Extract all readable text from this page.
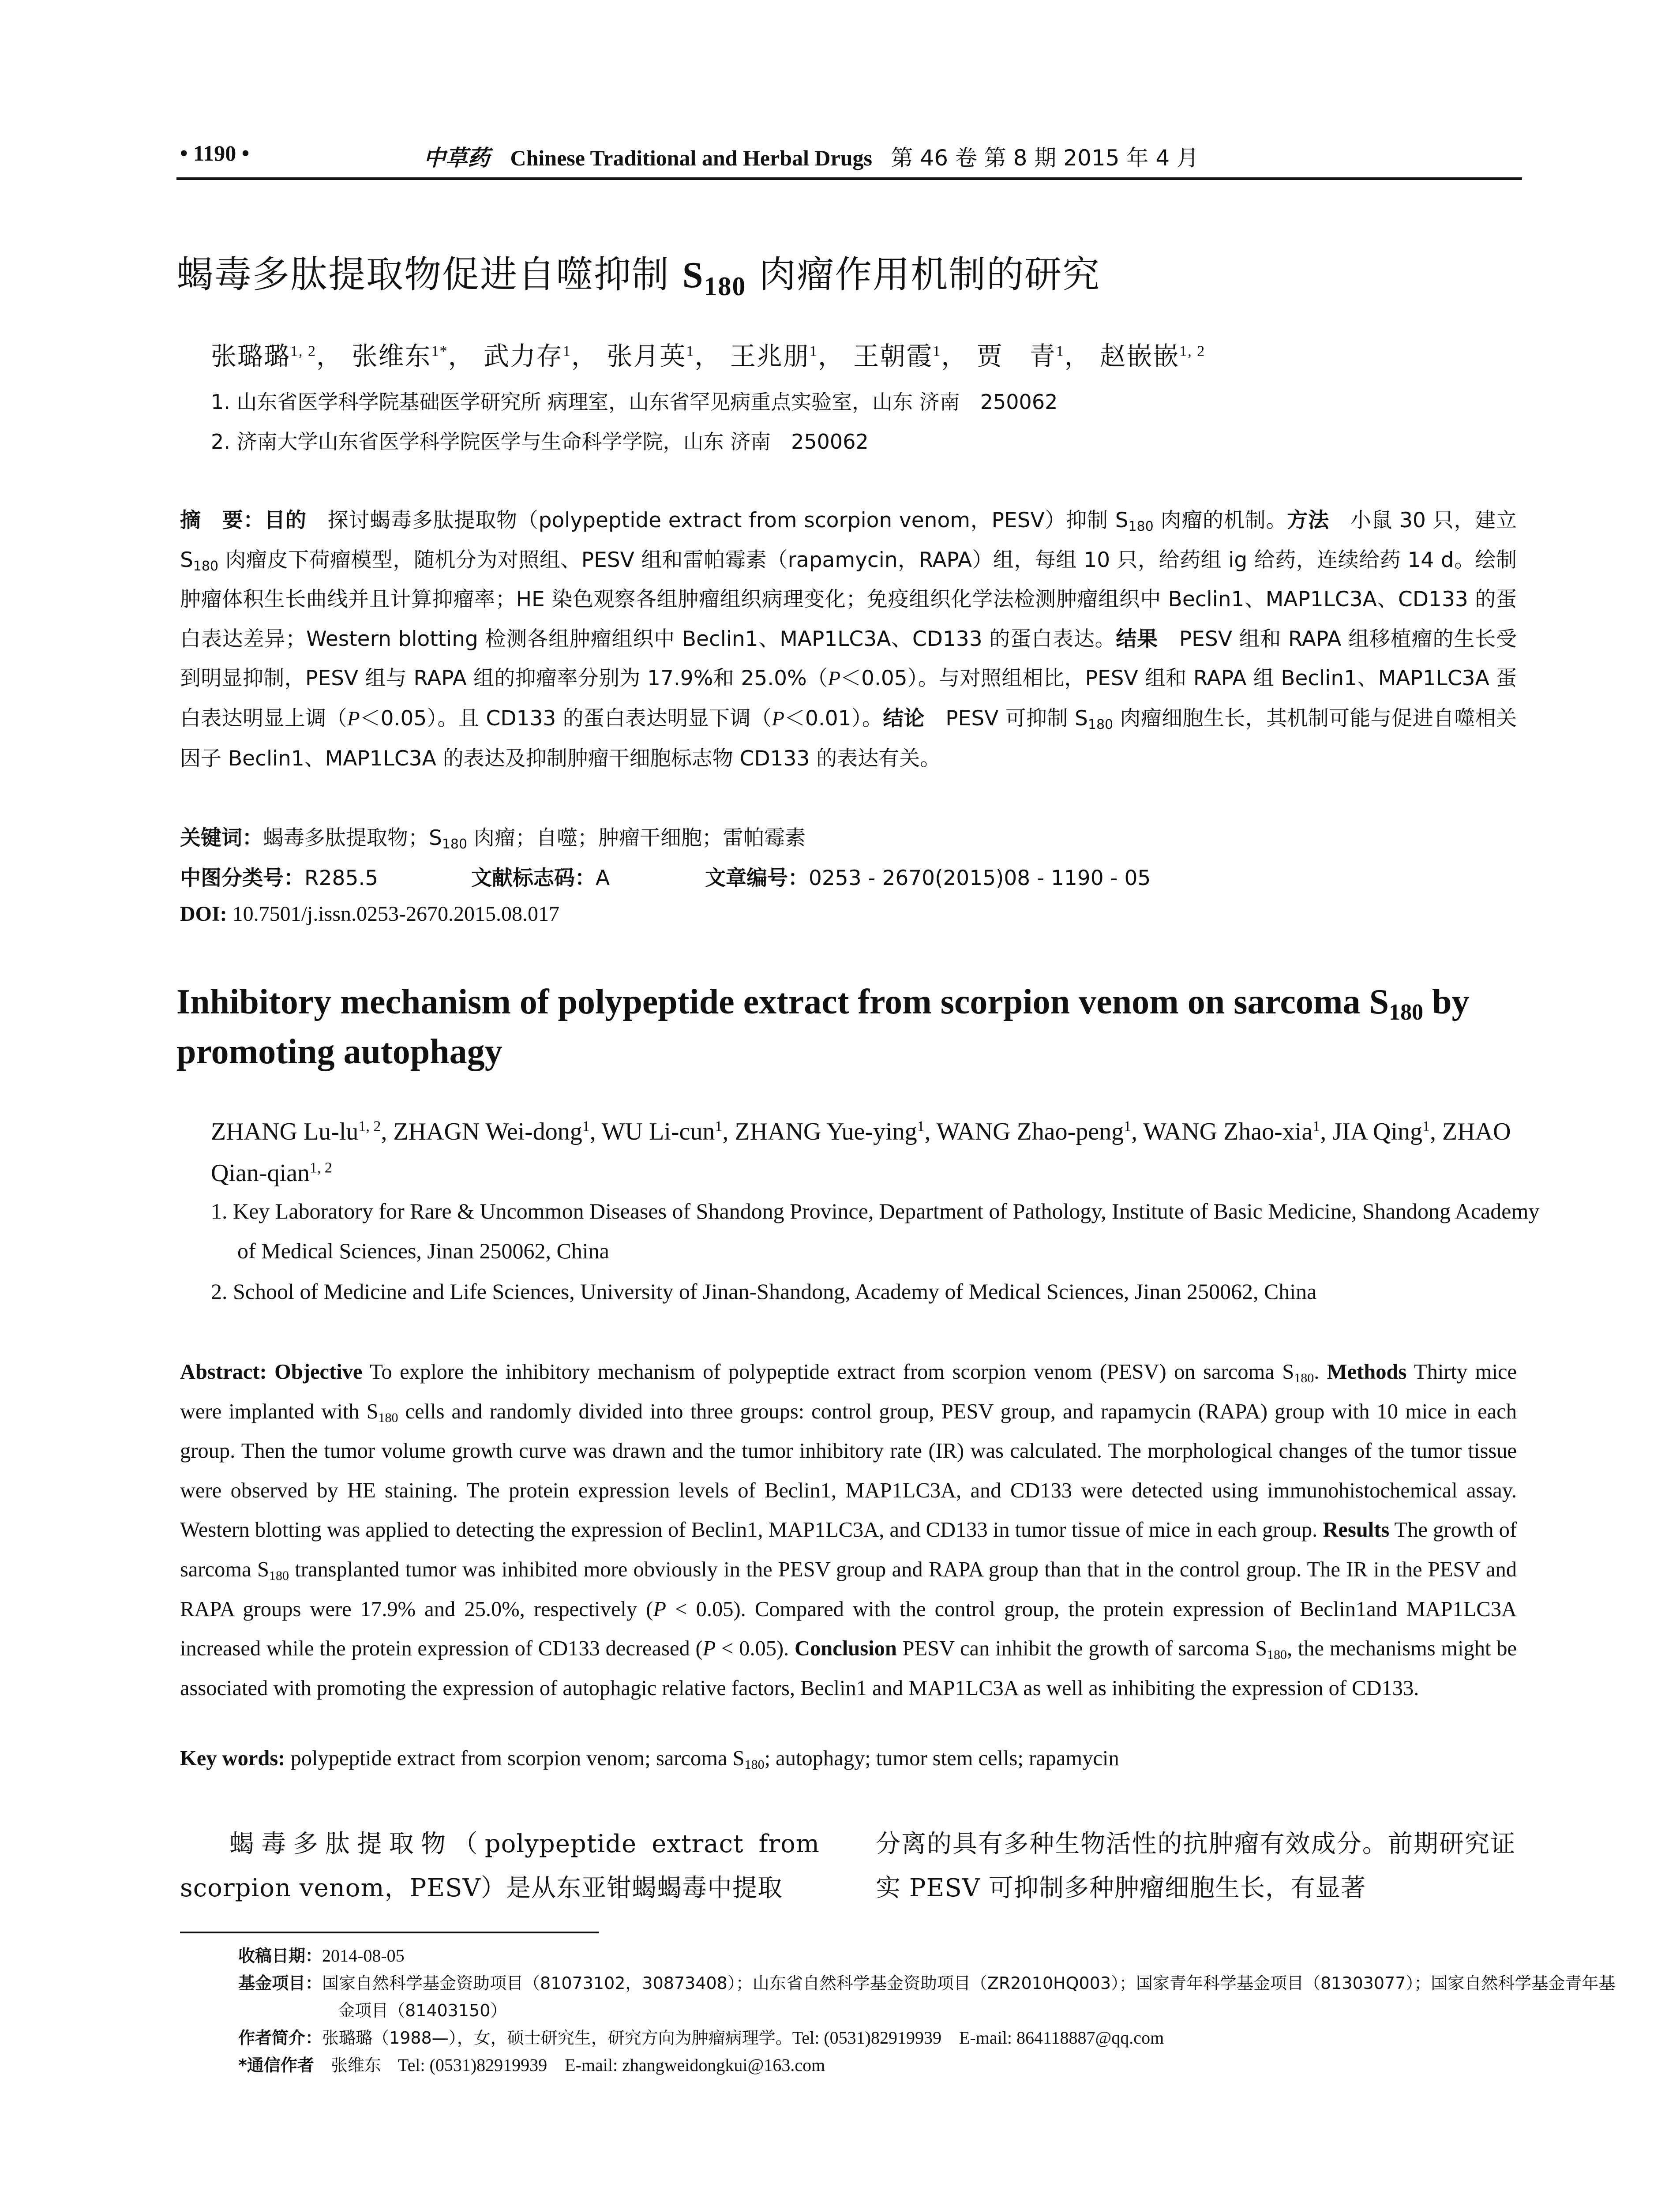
• 1190 •	中草药 Chinese Traditional and Herbal Drugs 第 46 卷 第 8 期 2015 年 4 月
蝎毒多肽提取物促进自噬抑制 $S_{180}$ 肉瘤作用机制的研究
张璐璐$^{1, 2}$， 张维东$^{1*}$， 武力存$^1$， 张月英$^1$， 王兆朋$^1$， 王朝霞$^1$， 贾　青$^1$， 赵嵌嵌$^{1, 2}$
1. 山东省医学科学院基础医学研究所 病理室，山东省罕见病重点实验室，山东 济南　250062
2. 济南大学山东省医学科学院医学与生命科学学院，山东 济南　250062
摘　要：目的　探讨蝎毒多肽提取物（polypeptide extract from scorpion venom，PESV）抑制 $S_{180}$ 肉瘤的机制。方法　小鼠 30 只，建立 $S_{180}$ 肉瘤皮下荷瘤模型，随机分为对照组、PESV 组和雷帕霉素（rapamycin，RAPA）组，每组 10 只，给药组 ig 给药，连续给药 14 d。绘制肿瘤体积生长曲线并且计算抑瘤率；HE 染色观察各组肿瘤组织病理变化；免疫组织化学法检测肿瘤组织中 Beclin1、MAP1LC3A、CD133 的蛋白表达差异；Western blotting 检测各组肿瘤组织中 Beclin1、MAP1LC3A、CD133 的蛋白表达。结果　PESV 组和 RAPA 组移植瘤的生长受到明显抑制，PESV 组与 RAPA 组的抑瘤率分别为 17.9%和 25.0%（P＜0.05）。与对照组相比，PESV 组和 RAPA 组 Beclin1、MAP1LC3A 蛋白表达明显上调（P＜0.05）。且 CD133 的蛋白表达明显下调（P＜0.01）。结论　PESV 可抑制 $S_{180}$ 肉瘤细胞生长，其机制可能与促进自噬相关因子 Beclin1、MAP1LC3A 的表达及抑制肿瘤干细胞标志物 CD133 的表达有关。
关键词：蝎毒多肽提取物；$S_{180}$ 肉瘤；自噬；肿瘤干细胞；雷帕霉素
中图分类号：R285.5	文献标志码：A	文章编号：0253 - 2670(2015)08 - 1190 - 05
DOI: 10.7501/j.issn.0253-2670.2015.08.017
Inhibitory mechanism of polypeptide extract from scorpion venom on sarcoma $S_{180}$ by promoting autophagy
ZHANG Lu-lu$^{1, 2}$, ZHAGN Wei-dong$^1$, WU Li-cun$^1$, ZHANG Yue-ying$^1$, WANG Zhao-peng$^1$, WANG Zhao-xia$^1$, JIA Qing$^1$, ZHAO Qian-qian$^{1, 2}$
1. Key Laboratory for Rare & Uncommon Diseases of Shandong Province, Department of Pathology, Institute of Basic Medicine, Shandong Academy of Medical Sciences, Jinan 250062, China
2. School of Medicine and Life Sciences, University of Jinan-Shandong, Academy of Medical Sciences, Jinan 250062, China
Abstract: Objective To explore the inhibitory mechanism of polypeptide extract from scorpion venom (PESV) on sarcoma $S_{180}$. Methods Thirty mice were implanted with $S_{180}$ cells and randomly divided into three groups: control group, PESV group, and rapamycin (RAPA) group with 10 mice in each group. Then the tumor volume growth curve was drawn and the tumor inhibitory rate (IR) was calculated. The morphological changes of the tumor tissue were observed by HE staining. The protein expression levels of Beclin1, MAP1LC3A, and CD133 were detected using immunohistochemical assay. Western blotting was applied to detecting the expression of Beclin1, MAP1LC3A, and CD133 in tumor tissue of mice in each group. Results The growth of sarcoma $S_{180}$ transplanted tumor was inhibited more obviously in the PESV group and RAPA group than that in the control group. The IR in the PESV and RAPA groups were 17.9% and 25.0%, respectively (P < 0.05). Compared with the control group, the protein expression of Beclin1and MAP1LC3A increased while the protein expression of CD133 decreased (P < 0.05). Conclusion PESV can inhibit the growth of sarcoma $S_{180}$, the mechanisms might be associated with promoting the expression of autophagic relative factors, Beclin1 and MAP1LC3A as well as inhibiting the expression of CD133.
Key words: polypeptide extract from scorpion venom; sarcoma $S_{180}$; autophagy; tumor stem cells; rapamycin
蝎毒多肽提取物（polypeptide extract from scorpion venom，PESV）是从东亚钳蝎蝎毒中提取
分离的具有多种生物活性的抗肿瘤有效成分。前期研究证实 PESV 可抑制多种肿瘤细胞生长，有显著
收稿日期：2014-08-05
基金项目：国家自然科学基金资助项目（81073102，30873408）；山东省自然科学基金资助项目（ZR2010HQ003）；国家青年科学基金项目（81303077）；国家自然科学基金青年基金项目（81403150）
作者简介：张璐璐（1988—），女，硕士研究生，研究方向为肿瘤病理学。Tel: (0531)82919939　E-mail: 864118887@qq.com
*通信作者　张维东　Tel: (0531)82919939　E-mail: zhangweidongkui@163.com
